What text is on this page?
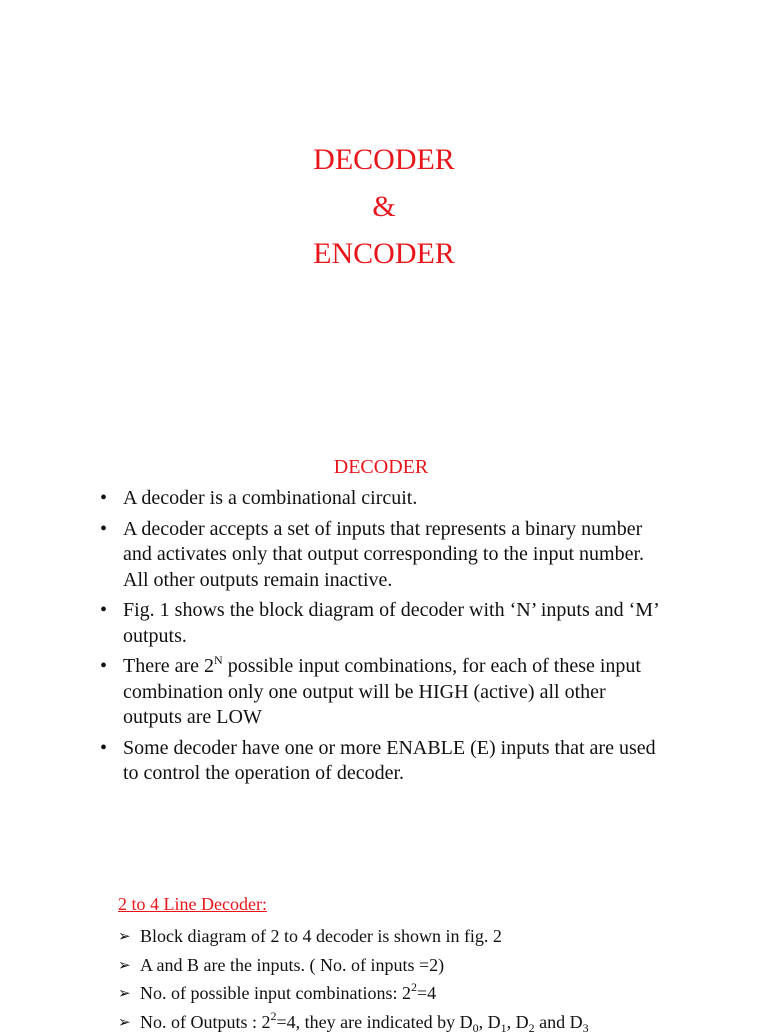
DECODER
&
ENCODER
DECODER
• A decoder is a combinational circuit.
• A decoder accepts a set of inputs that represents a binary number and activates only that output corresponding to the input number. All other outputs remain inactive.
• Fig. 1 shows the block diagram of decoder with ‘N’ inputs and ‘M’ outputs.
• There are $2^N$ possible input combinations, for each of these input combination only one output will be HIGH (active) all other outputs are LOW
• Some decoder have one or more ENABLE (E) inputs that are used to control the operation of decoder.
2 to 4 Line Decoder:
➢ Block diagram of 2 to 4 decoder is shown in fig. 2
➢ A and B are the inputs. ( No. of inputs =2)
➢ No. of possible input combinations: $2^2=4$
➢ No. of Outputs : $2^2=4$, they are indicated by $D_0$, $D_1$, $D_2$ and $D_3$
